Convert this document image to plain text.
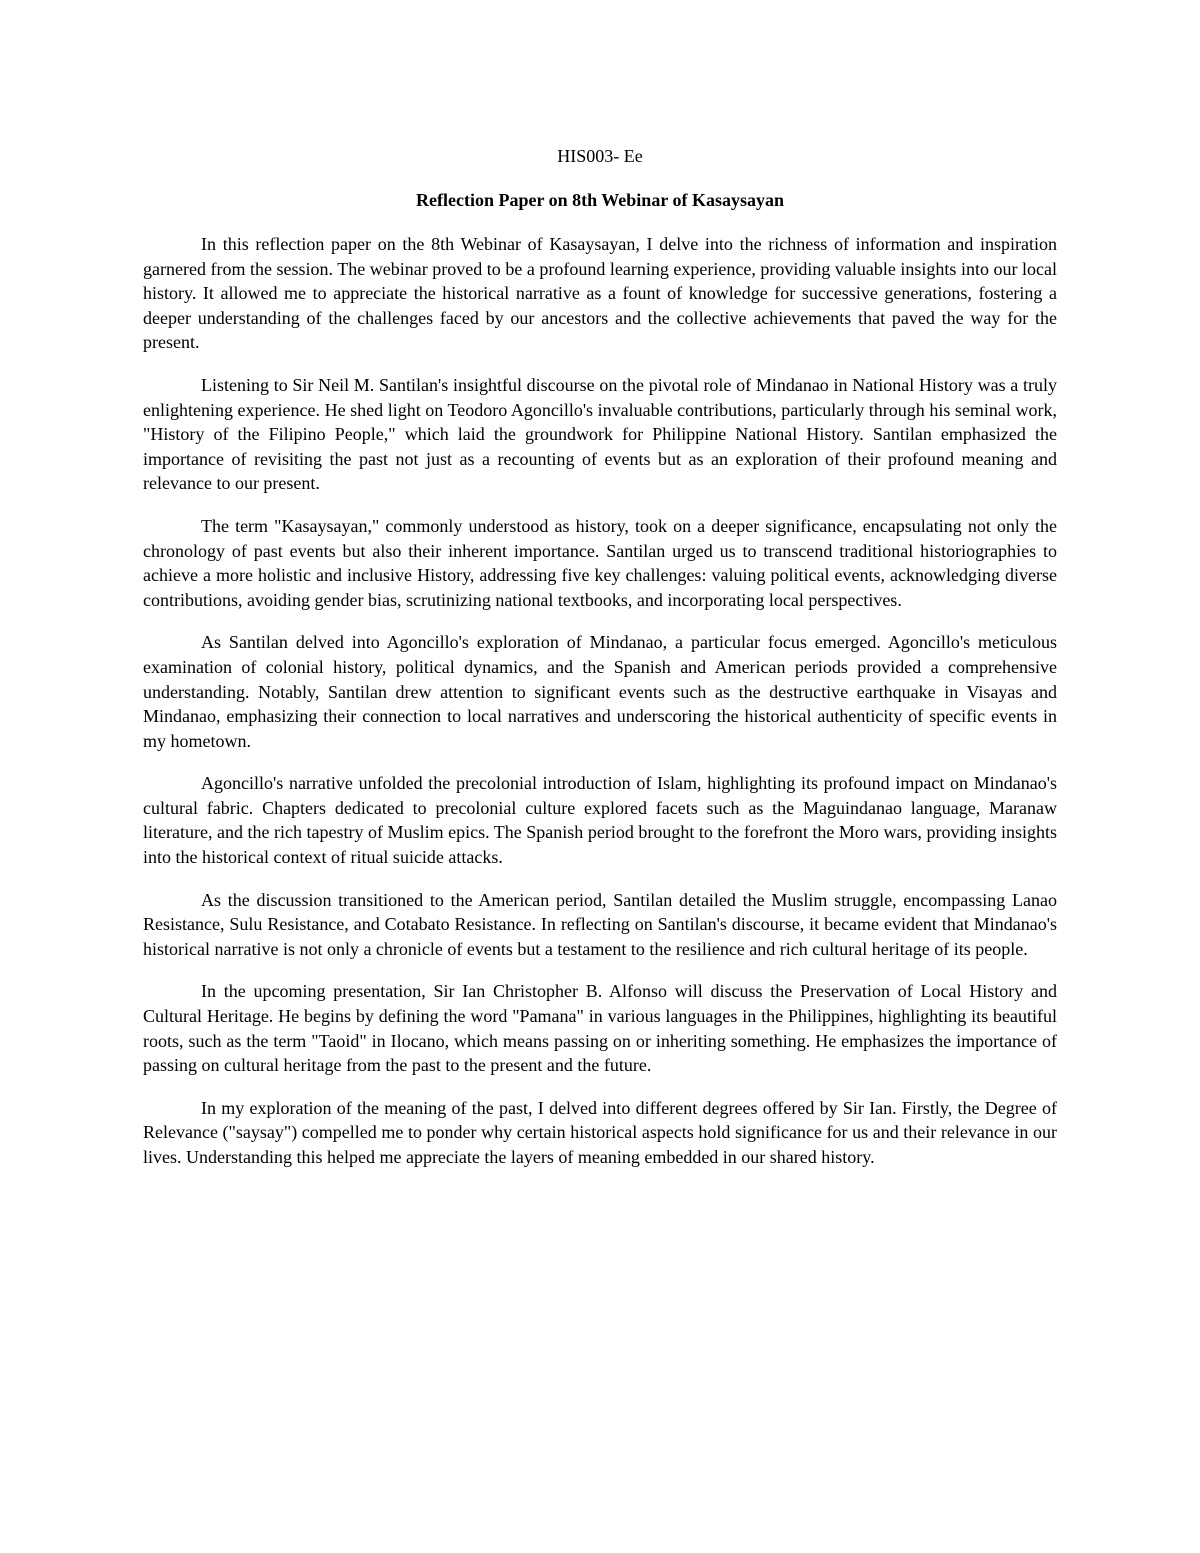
HIS003- Ee
Reflection Paper on 8th Webinar of Kasaysayan

In this reflection paper on the 8th Webinar of Kasaysayan, I delve into the richness of information and inspiration garnered from the session. The webinar proved to be a profound learning experience, providing valuable insights into our local history. It allowed me to appreciate the historical narrative as a fount of knowledge for successive generations, fostering a deeper understanding of the challenges faced by our ancestors and the collective achievements that paved the way for the present.

Listening to Sir Neil M. Santilan's insightful discourse on the pivotal role of Mindanao in National History was a truly enlightening experience. He shed light on Teodoro Agoncillo's invaluable contributions, particularly through his seminal work, "History of the Filipino People," which laid the groundwork for Philippine National History. Santilan emphasized the importance of revisiting the past not just as a recounting of events but as an exploration of their profound meaning and relevance to our present.

The term "Kasaysayan," commonly understood as history, took on a deeper significance, encapsulating not only the chronology of past events but also their inherent importance. Santilan urged us to transcend traditional historiographies to achieve a more holistic and inclusive History, addressing five key challenges: valuing political events, acknowledging diverse contributions, avoiding gender bias, scrutinizing national textbooks, and incorporating local perspectives.

As Santilan delved into Agoncillo's exploration of Mindanao, a particular focus emerged. Agoncillo's meticulous examination of colonial history, political dynamics, and the Spanish and American periods provided a comprehensive understanding. Notably, Santilan drew attention to significant events such as the destructive earthquake in Visayas and Mindanao, emphasizing their connection to local narratives and underscoring the historical authenticity of specific events in my hometown.

Agoncillo's narrative unfolded the precolonial introduction of Islam, highlighting its profound impact on Mindanao's cultural fabric. Chapters dedicated to precolonial culture explored facets such as the Maguindanao language, Maranaw literature, and the rich tapestry of Muslim epics. The Spanish period brought to the forefront the Moro wars, providing insights into the historical context of ritual suicide attacks.

As the discussion transitioned to the American period, Santilan detailed the Muslim struggle, encompassing Lanao Resistance, Sulu Resistance, and Cotabato Resistance. In reflecting on Santilan's discourse, it became evident that Mindanao's historical narrative is not only a chronicle of events but a testament to the resilience and rich cultural heritage of its people.

In the upcoming presentation, Sir Ian Christopher B. Alfonso will discuss the Preservation of Local History and Cultural Heritage. He begins by defining the word "Pamana" in various languages in the Philippines, highlighting its beautiful roots, such as the term "Taoid" in Ilocano, which means passing on or inheriting something. He emphasizes the importance of passing on cultural heritage from the past to the present and the future.

In my exploration of the meaning of the past, I delved into different degrees offered by Sir Ian. Firstly, the Degree of Relevance ("saysay") compelled me to ponder why certain historical aspects hold significance for us and their relevance in our lives. Understanding this helped me appreciate the layers of meaning embedded in our shared history.
